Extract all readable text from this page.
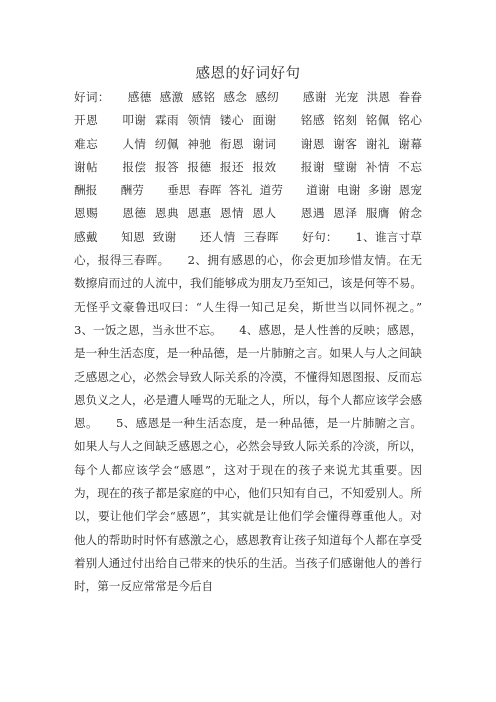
感恩的好词好句
好词：　　感德  感激  感铭  感念  感纫　　感谢  光宠  洪恩  眷眷  开恩　　叩谢  霖雨  领情  镂心  面谢　　铭感  铭刻  铭佩  铭心  难忘　　人情  纫佩  神驰  衔恩  谢词　　谢恩  谢客  谢礼  谢幕  谢帖　　报偿  报答  报德  报还  报效　　报谢  璧谢  补情  不忘  酬报　　酬劳　　垂思  春晖  答礼  道劳　　道谢  电谢  多谢  恩宠  恩赐　　恩德  恩典  恩惠  恩情  恩人　　恩遇  恩泽  服膺  俯念  感戴　　知恩  致谢　　还人情  三春晖　　好句：　　1、谁言寸草心，报得三春晖。　　2、拥有感恩的心，你会更加珍惜友情。在无数擦肩而过的人流中，我们能够成为朋友乃至知己，该是何等不易。无怪乎文豪鲁迅叹曰：“人生得一知己足矣，斯世当以同怀视之。”　　3、一饭之恩，当永世不忘。　　4、感恩，是人性善的反映；感恩，是一种生活态度，是一种品德，是一片肺腑之言。如果人与人之间缺乏感恩之心，必然会导致人际关系的冷漠，不懂得知恩图报、反而忘恩负义之人，必是遭人唾骂的无耻之人，所以，每个人都应该学会感恩。　　5、感恩是一种生活态度，是一种品德，是一片肺腑之言。如果人与人之间缺乏感恩之心，必然会导致人际关系的冷淡，所以，每个人都应该学会“感恩”，这对于现在的孩子来说尤其重要。因为，现在的孩子都是家庭的中心，他们只知有自己，不知爱别人。所以，要让他们学会“感恩”，其实就是让他们学会懂得尊重他人。对他人的帮助时时怀有感激之心，感恩教育让孩子知道每个人都在享受着别人通过付出给自己带来的快乐的生活。当孩子们感谢他人的善行时，第一反应常常是今后自
